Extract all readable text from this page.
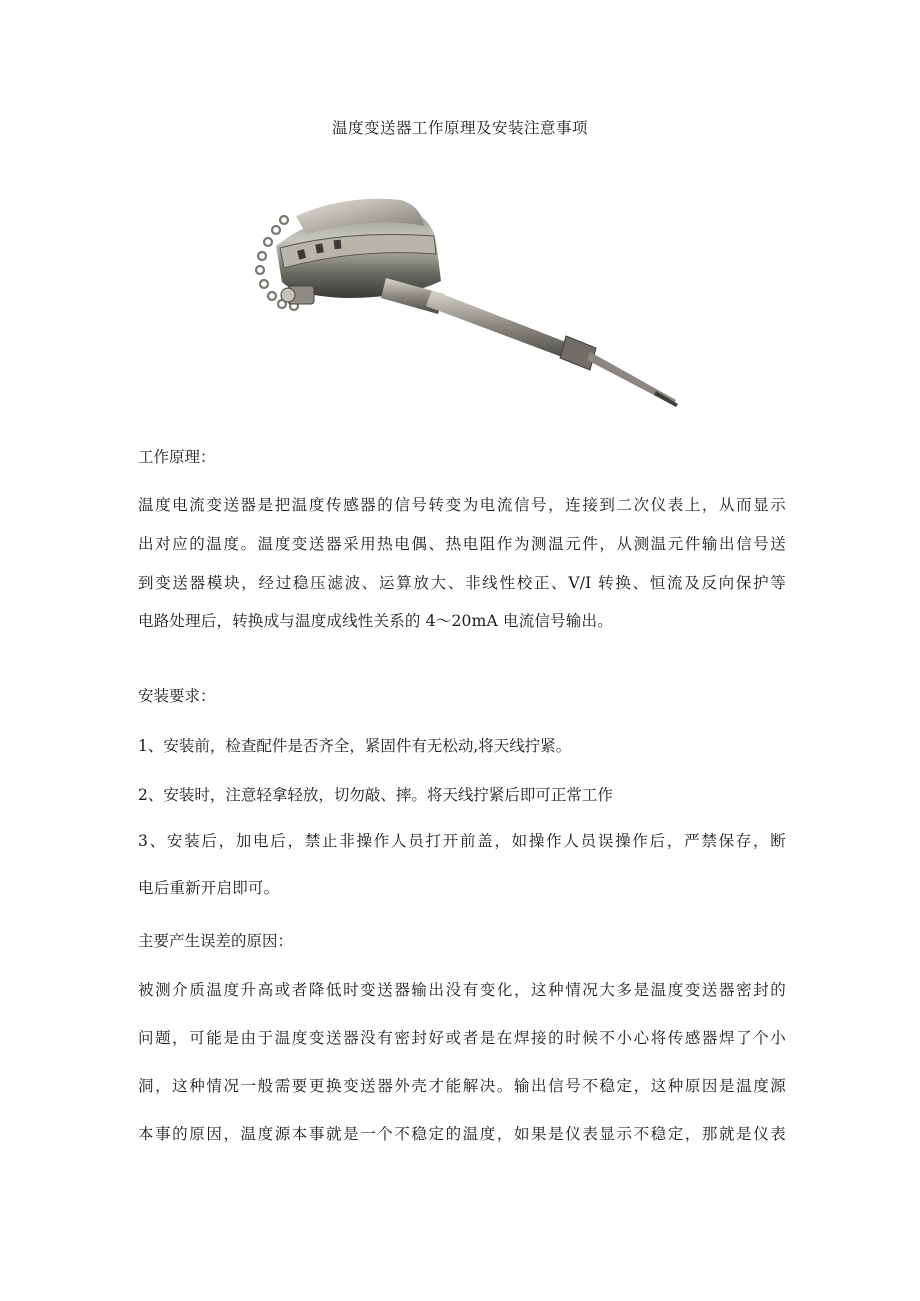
温度变送器工作原理及安装注意事项
工作原理：
温度电流变送器是把温度传感器的信号转变为电流信号，连接到二次仪表上，从而显示
出对应的温度。温度变送器采用热电偶、热电阻作为测温元件，从测温元件输出信号送
到变送器模块，经过稳压滤波、运算放大、非线性校正、V/I 转换、恒流及反向保护等
电路处理后，转换成与温度成线性关系的 4～20mA 电流信号输出。
安装要求：
1、安装前，检查配件是否齐全，紧固件有无松动,将天线拧紧。
2、安装时，注意轻拿轻放，切勿敲、摔。将天线拧紧后即可正常工作
3、安装后，加电后，禁止非操作人员打开前盖，如操作人员误操作后，严禁保存，断
电后重新开启即可。
主要产生误差的原因：
被测介质温度升高或者降低时变送器输出没有变化，这种情况大多是温度变送器密封的
问题，可能是由于温度变送器没有密封好或者是在焊接的时候不小心将传感器焊了个小
洞，这种情况一般需要更换变送器外壳才能解决。输出信号不稳定，这种原因是温度源
本事的原因，温度源本事就是一个不稳定的温度，如果是仪表显示不稳定，那就是仪表
